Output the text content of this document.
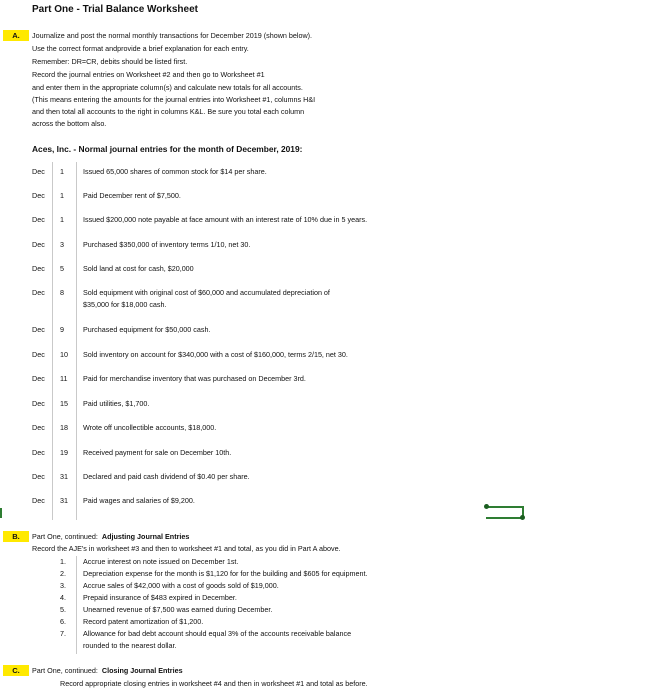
Part One - Trial Balance Worksheet
A.	Journalize and post the normal monthly transactions for December 2019 (shown below).
Use the correct format andprovide a brief explanation for each entry.
Remember: DR=CR, debits should be listed first.
Record the journal entries on Worksheet #2 and then go to Worksheet #1
and enter them in the appropriate column(s) and calculate new totals for all accounts.
(This means entering the amounts for the journal entries into Worksheet #1, columns H&I
and then total all accounts to the right in columns K&L. Be sure you total each column
across the bottom also.
Aces, Inc. - Normal journal entries for the month of December, 2019:
Dec 1	Issued 65,000 shares of common stock for $14 per share.
Dec 1	Paid December rent of $7,500.
Dec 1	Issued $200,000 note payable at face amount with an interest rate of 10% due in 5 years.
Dec 3	Purchased $350,000 of inventory terms 1/10, net 30.
Dec 5	Sold land at cost for cash, $20,000
Dec 8	Sold equipment with original cost of $60,000 and accumulated depreciation of
$35,000 for $18,000 cash.
Dec 9	Purchased equipment for $50,000 cash.
Dec 10 Sold inventory on account for $340,000 with a cost of $160,000, terms 2/15, net 30.
Dec 11 Paid for merchandise inventory that was purchased on December 3rd.
Dec 15 Paid utilities, $1,700.
Dec 18 Wrote off uncollectible accounts, $18,000.
Dec 19 Received payment for sale on December 10th.
Dec 31 Declared and paid cash dividend of $0.40 per share.
Dec 31 Paid wages and salaries of $9,200.
B.	Part One, continued:  Adjusting Journal Entries
Record the AJE's in worksheet #3 and then to worksheet #1 and total, as you did in Part A above.
1. Accrue interest on note issued on December 1st.
2. Depreciation expense for the month is $1,120 for for the building and $605 for equipment.
3. Accrue sales of $42,000 with a cost of goods sold of $19,000.
4. Prepaid insurance of $483 expired in December.
5. Unearned revenue of $7,500 was earned during December.
6. Record patent amortization of $1,200.
7. Allowance for bad debt account should equal 3% of the accounts receivable balance
rounded to the nearest dollar.
C.	Part One, continued:  Closing Journal Entries
Record appropriate closing entries in worksheet #4 and then in worksheet #1 and total as before.
